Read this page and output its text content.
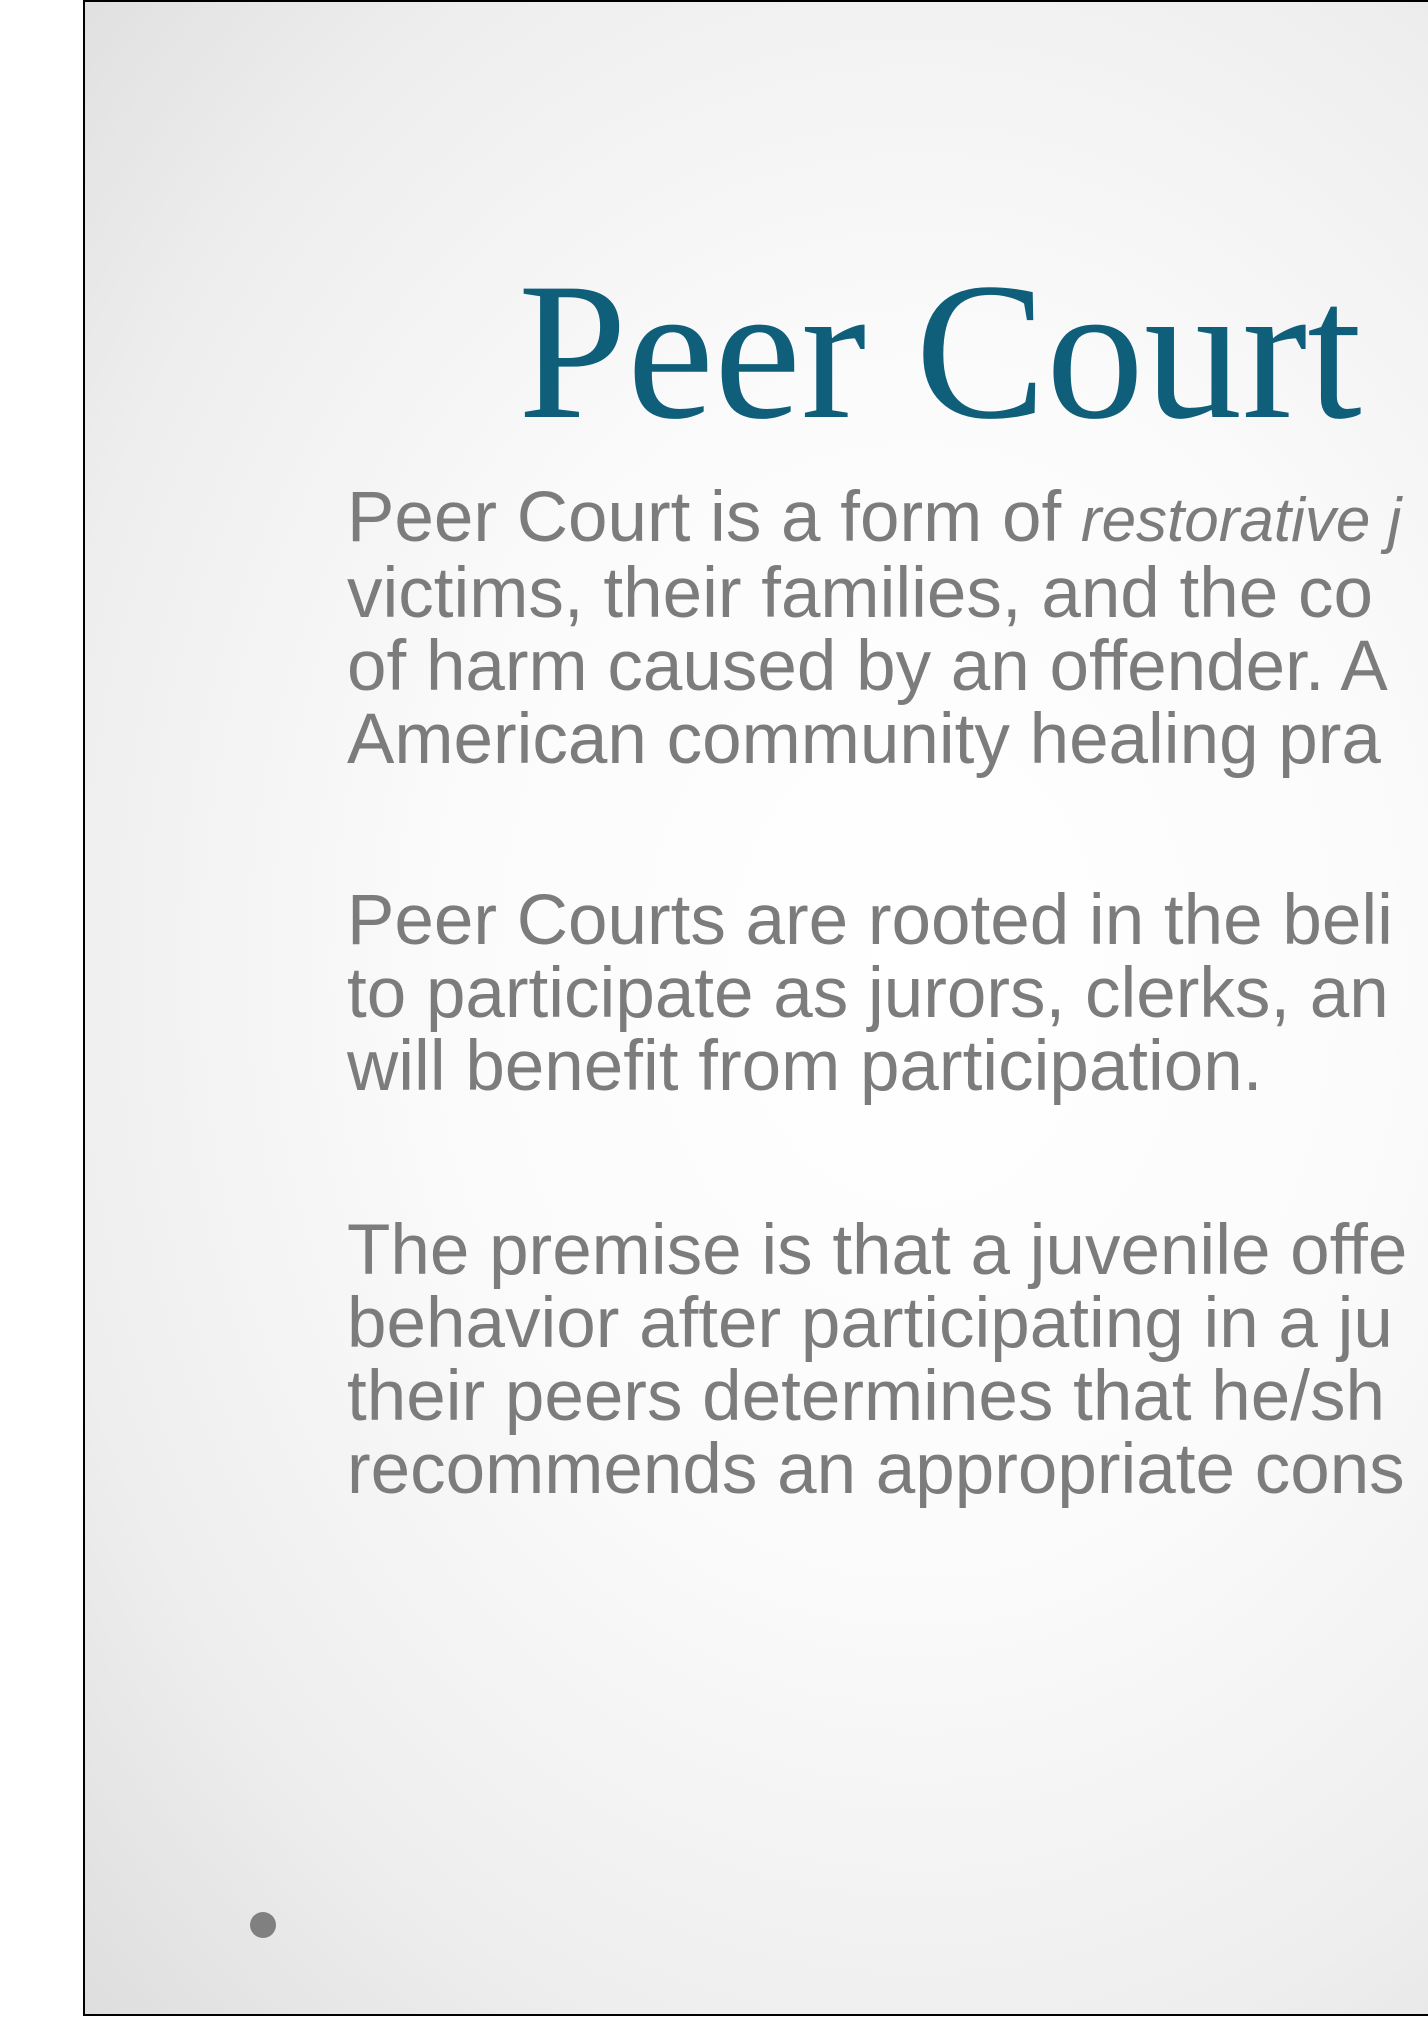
Peer Court

Peer Court is a form of restorative j
victims, their families, and the co
of harm caused by an offender. A
American community healing pra

Peer Courts are rooted in the beli
to participate as jurors, clerks, an
will benefit from participation.

The premise is that a juvenile offe
behavior after participating in a ju
their peers determines that he/sh
recommends an appropriate cons
